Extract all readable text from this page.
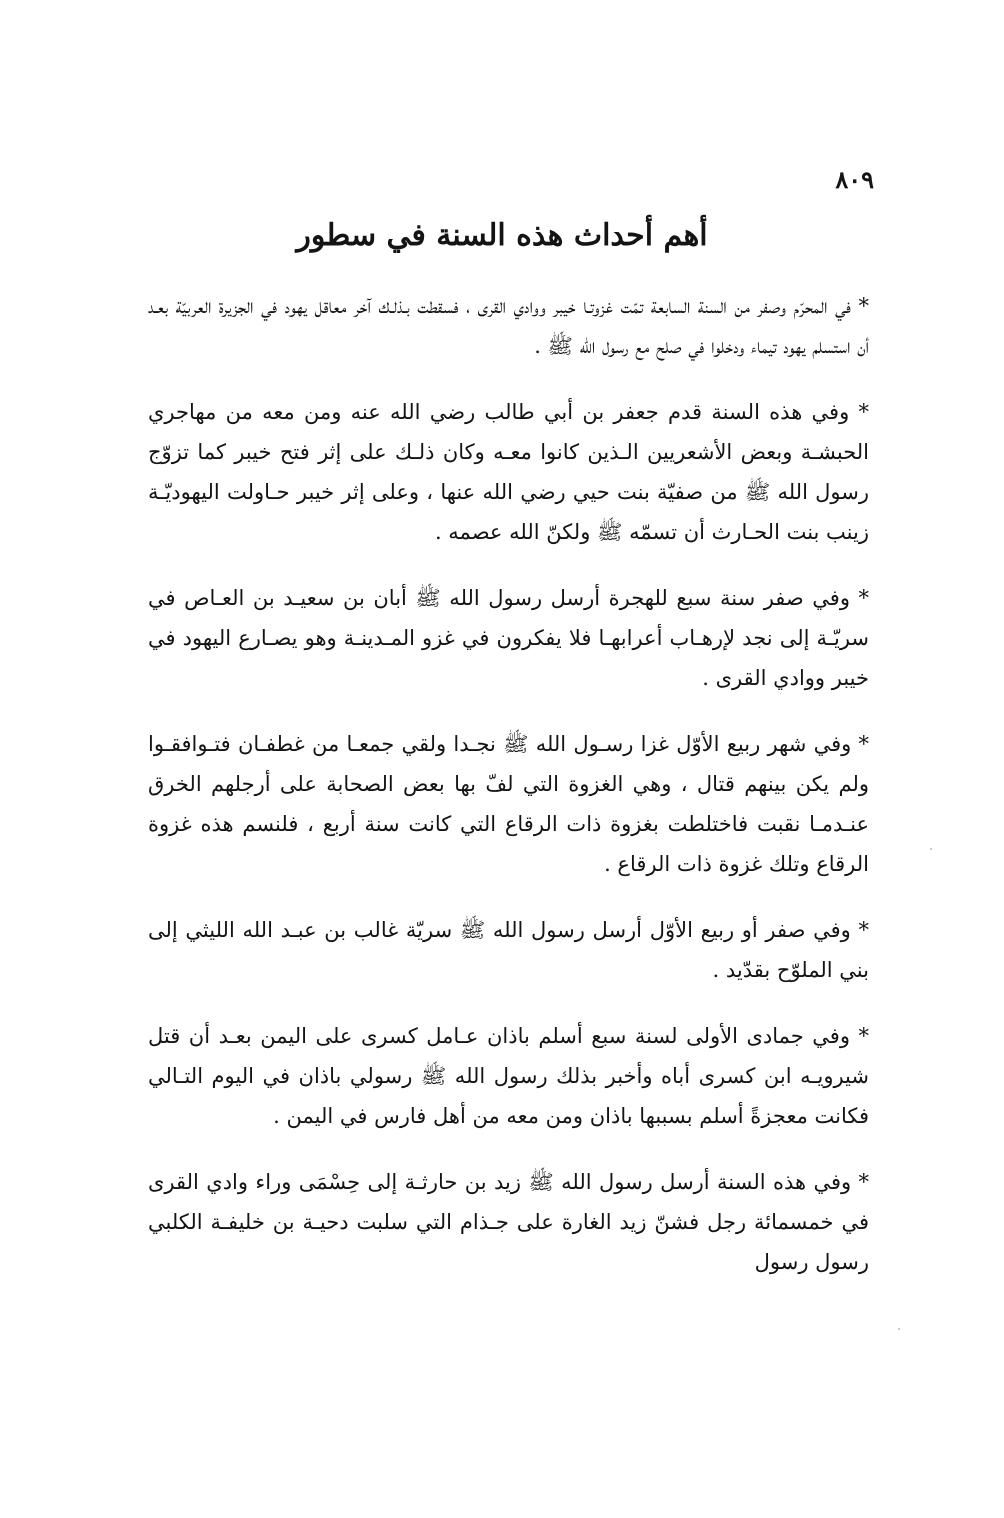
٨٠٩

أهم أحداث هذه السنة في سطور

* في المحرّم وصفر من السنة السابعة تمّت غزوتـا خيبر ووادي القرى ، فسقطت بـذلـك آخر معاقل يهود في الجزيرة العربيّة بعـد أن استسلم يهود تيماء ودخلوا في صلح مع رسول الله ﷺ .

* وفي هذه السنة قدم جعفر بن أبي طالب رضي الله عنه ومن معه من مهاجري الحبشـة وبعض الأشعريين الـذين كانوا معـه وكان ذلـك على إثر فتح خيبر كما تزوّج رسول الله ﷺ من صفيّة بنت حيي رضي الله عنها ، وعلى إثر خيبر حـاولت اليهوديّـة زينب بنت الحـارث أن تسمّه ﷺ ولكنّ الله عصمه .

* وفي صفر سنة سبع للهجرة أرسل رسول الله ﷺ أبان بن سعيـد بن العـاص في سريّـة إلى نجد لإرهـاب أعرابهـا فلا يفكرون في غزو المـدينـة وهو يصـارع اليهود في خيبر ووادي القرى .

* وفي شهر ربيع الأوّل غزا رسـول الله ﷺ نجـدا ولقي جمعـا من غطفـان فتـوافقـوا ولم يكن بينهم قتال ، وهي الغزوة التي لفّ بها بعض الصحابة على أرجلهم الخرق عنـدمـا نقبت فاختلطت بغزوة ذات الرقاع التي كانت سنة أربع ، فلنسم هذه غزوة الرقاع وتلك غزوة ذات الرقاع .

* وفي صفر أو ربيع الأوّل أرسل رسول الله ﷺ سريّة غالب بن عبـد الله الليثي إلى بني الملوّح بقدّيد .

* وفي جمادى الأولى لسنة سبع أسلم باذان عـامل كسرى على اليمن بعـد أن قتل شيرويـه ابن كسرى أباه وأخبر بذلك رسول الله ﷺ رسولي باذان في اليوم التـالي فكانت معجزةً أسلم بسببها باذان ومن معه من أهل فارس في اليمن .

* وفي هذه السنة أرسل رسول الله ﷺ زيد بن حارثـة إلى حِسْمَى وراء وادي القرى في خمسمائة رجل فشنّ زيد الغارة على جـذام التي سلبت دحيـة بن خليفـة الكلبي رسول رسول
